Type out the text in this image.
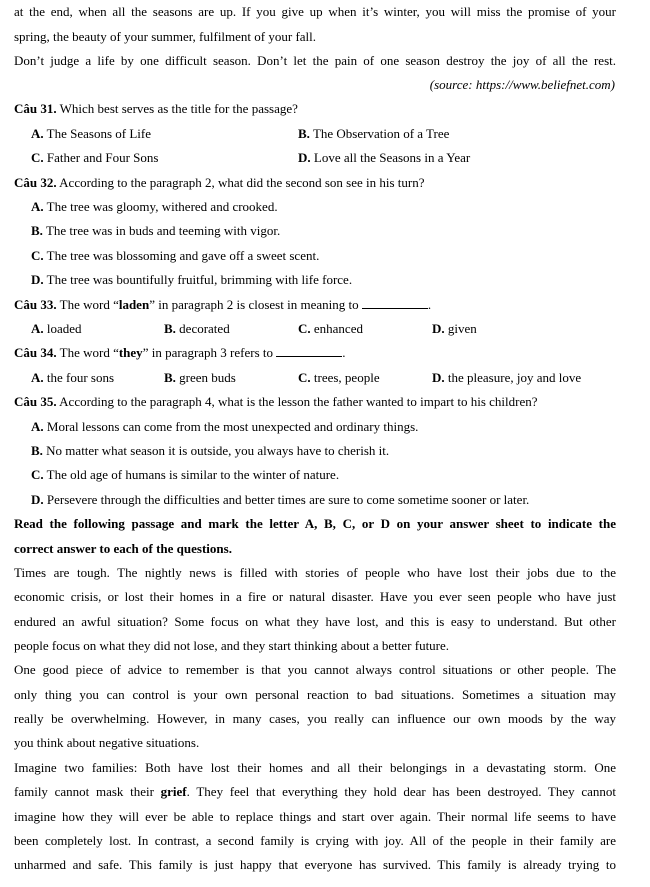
at the end, when all the seasons are up. If you give up when it’s winter, you will miss the promise of your
spring, the beauty of your summer, fulfilment of your fall.
Don’t judge a life by one difficult season. Don’t let the pain of one season destroy the joy of all the rest.
(source: https://www.beliefnet.com)
Câu 31. Which best serves as the title for the passage?
A. The Seasons of Life	B. The Observation of a Tree
C. Father and Four Sons	D. Love all the Seasons in a Year
Câu 32. According to the paragraph 2, what did the second son see in his turn?
A. The tree was gloomy, withered and crooked.
B. The tree was in buds and teeming with vigor.
C. The tree was blossoming and gave off a sweet scent.
D. The tree was bountifully fruitful, brimming with life force.
Câu 33. The word “laden” in paragraph 2 is closest in meaning to	.
A. loaded	B. decorated	C. enhanced	D. given
Câu 34. The word “they” in paragraph 3 refers to	.
A. the four sons	B. green buds	C. trees, people	D. the pleasure, joy and love
Câu 35. According to the paragraph 4, what is the lesson the father wanted to impart to his children?
A. Moral lessons can come from the most unexpected and ordinary things.
B. No matter what season it is outside, you always have to cherish it.
C. The old age of humans is similar to the winter of nature.
D. Persevere through the difficulties and better times are sure to come sometime sooner or later.
Read the following passage and mark the letter A, B, C, or D on your answer sheet to indicate the
correct answer to each of the questions.
Times are tough. The nightly news is filled with stories of people who have lost their jobs due to the
economic crisis, or lost their homes in a fire or natural disaster. Have you ever seen people who have just
endured an awful situation? Some focus on what they have lost, and this is easy to understand. But other
people focus on what they did not lose, and they start thinking about a better future.
One good piece of advice to remember is that you cannot always control situations or other people. The
only thing you can control is your own personal reaction to bad situations. Sometimes a situation may
really be overwhelming. However, in many cases, you really can influence our own moods by the way
you think about negative situations.
Imagine two families: Both have lost their homes and all their belongings in a devastating storm. One
family cannot mask their grief. They feel that everything they hold dear has been destroyed. They cannot
imagine how they will ever be able to replace things and start over again. Their normal life seems to have
been completely lost. In contrast, a second family is crying with joy. All of the people in their family are
unharmed and safe. This family is just happy that everyone has survived. This family is already trying to
